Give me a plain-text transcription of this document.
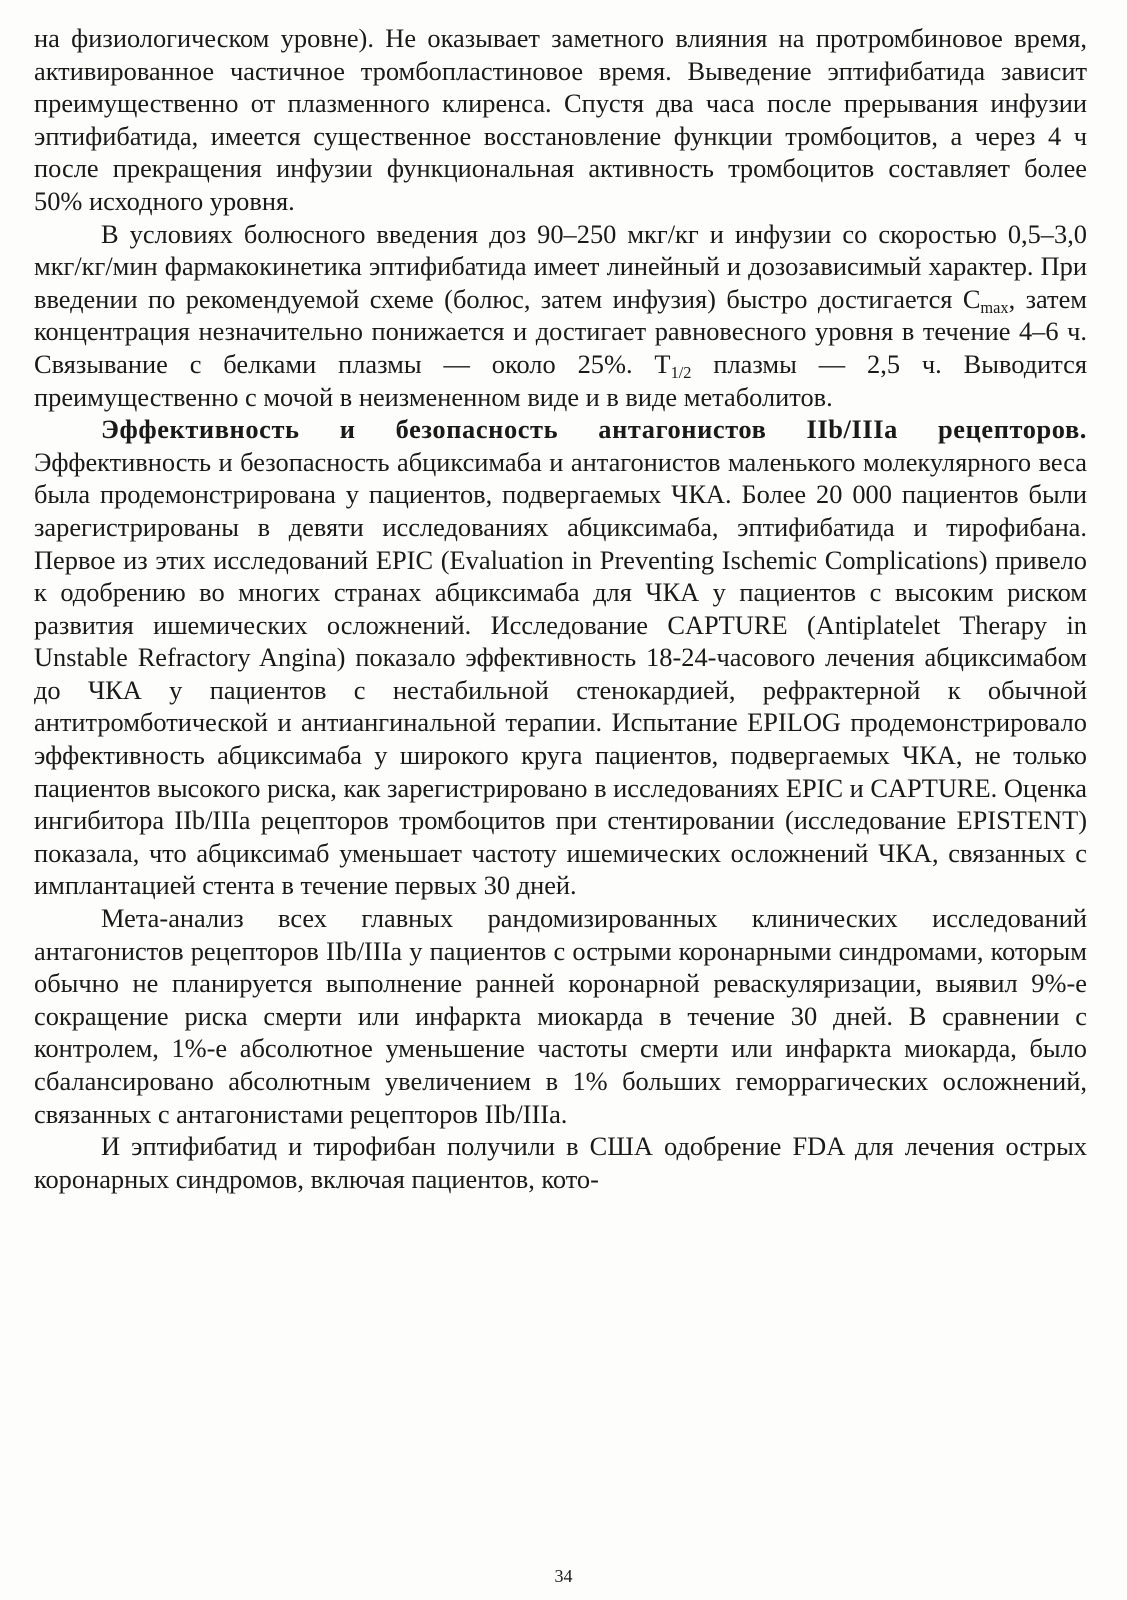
на физиологическом уровне). Не оказывает заметного влияния на протромбиновое время, активированное частичное тромбопластиновое время. Выведение эптифибатида зависит преимущественно от плазменного клиренса. Спустя два часа после прерывания инфузии эптифибатида, имеется существенное восстановление функции тромбоцитов, а через 4 ч после прекращения инфузии функциональная активность тромбоцитов составляет более 50% исходного уровня.

В условиях болюсного введения доз 90–250 мкг/кг и инфузии со скоростью 0,5–3,0 мкг/кг/мин фармакокинетика эптифибатида имеет линейный и дозозависимый характер. При введении по рекомендуемой схеме (болюс, затем инфузия) быстро достигается $C_{max}$, затем концентрация незначительно понижается и достигает равновесного уровня в течение 4–6 ч. Связывание с белками плазмы — около 25%. $T_{1/2}$ плазмы — 2,5 ч. Выводится преимущественно с мочой в неизмененном виде и в виде метаболитов.

Эффективность и безопасность антагонистов IIb/IIIa рецепторов. Эффективность и безопасность абциксимаба и антагонистов маленького молекулярного веса была продемонстрирована у пациентов, подвергаемых ЧКА. Более 20 000 пациентов были зарегистрированы в девяти исследованиях абциксимаба, эптифибатида и тирофибана. Первое из этих исследований EPIC (Evaluation in Preventing Ischemic Complications) привело к одобрению во многих странах абциксимаба для ЧКА у пациентов с высоким риском развития ишемических осложнений. Исследование CAPTURE (Antiplatelet Therapy in Unstable Refractory Angina) показало эффективность 18-24-часового лечения абциксимабом до ЧКА у пациентов с нестабильной стенокардией, рефрактерной к обычной антитромботической и антиангинальной терапии. Испытание EPILOG продемонстрировало эффективность абциксимаба у широкого круга пациентов, подвергаемых ЧКА, не только пациентов высокого риска, как зарегистрировано в исследованиях EPIC и CAPTURE. Оценка ингибитора IIb/IIIa рецепторов тромбоцитов при стентировании (исследование EPISTENT) показала, что абциксимаб уменьшает частоту ишемических осложнений ЧКА, связанных с имплантацией стента в течение первых 30 дней.

Мета-анализ всех главных рандомизированных клинических исследований антагонистов рецепторов IIb/IIIa у пациентов с острыми коронарными синдромами, которым обычно не планируется выполнение ранней коронарной реваскуляризации, выявил 9%-е сокращение риска смерти или инфаркта миокарда в течение 30 дней. В сравнении с контролем, 1%-е абсолютное уменьшение частоты смерти или инфаркта миокарда, было сбалансировано абсолютным увеличением в 1% больших геморрагических осложнений, связанных с антагонистами рецепторов IIb/IIIa.

И эптифибатид и тирофибан получили в США одобрение FDA для лечения острых коронарных синдромов, включая пациентов, кото-

34
